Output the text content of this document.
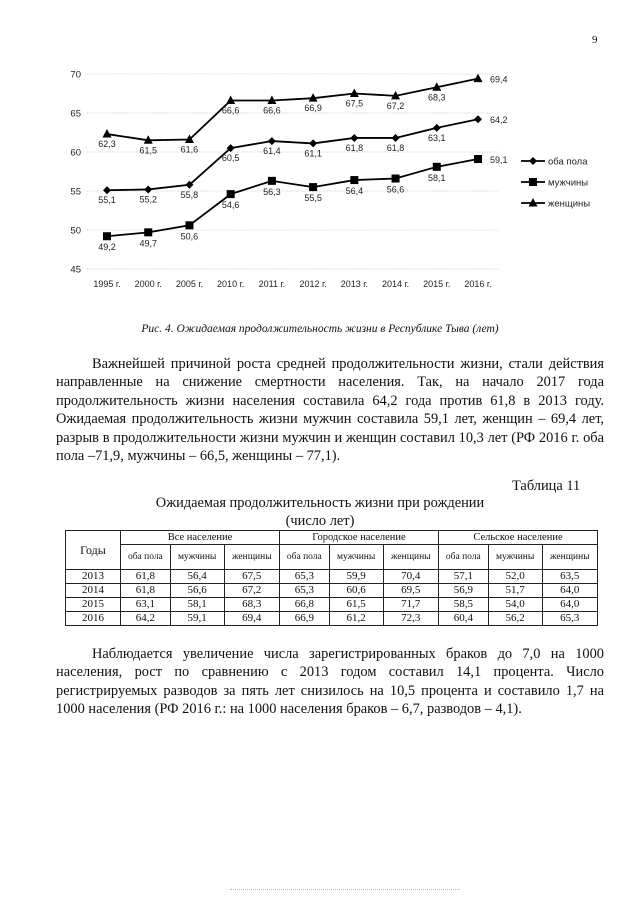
9
45
50
55
60
65
70
1995 г. 2000 г. 2005 г. 2010 г. 2011 г. 2012 г. 2013 г. 2014 г. 2015 г. 2016 г.
55,1	55,2	55,8
60,5
61,4	61,1
61,8	61,8
63,1
64,2
49,2	49,7
50,6
54,6
56,3
55,5
56,4	56,6
58,1
59,1
62,3
61,5	61,6
66,6	66,6	66,9	67,5	67,2
68,3
69,4
оба пола
мужчины
женщины
Рис. 4. Ожидаемая продолжительность жизни в Республике Тыва (лет)

Важнейшей причиной роста средней продолжительности жизни, стали действия направленные на снижение смертности населения. Так, на начало 2017 года продолжительность жизни населения составила 64,2 года против 61,8 в 2013 году. Ожидаемая продолжительность жизни мужчин составила 59,1 лет, женщин – 69,4 лет, разрыв в продолжительности жизни мужчин и женщин составил 10,3 лет (РФ 2016 г. оба пола –71,9, мужчины – 66,5, женщины – 77,1).

Таблица 11
Ожидаемая продолжительность жизни при рождении
(число лет)
Годы	Все население			Городское население			Сельское население		
	оба пола	мужчины	женщины	оба пола	мужчины	женщины	оба пола	мужчины	женщины
2013	61,8	56,4	67,5	65,3	59,9	70,4	57,1	52,0	63,5
2014	61,8	56,6	67,2	65,3	60,6	69,5	56,9	51,7	64,0
2015	63,1	58,1	68,3	66,8	61,5	71,7	58,5	54,0	64,0
2016	64,2	59,1	69,4	66,9	61,2	72,3	60,4	56,2	65,3

Наблюдается увеличение числа зарегистрированных браков до 7,0 на 1000 населения, рост по сравнению с 2013 годом составил 14,1 процента. Число регистрируемых разводов за пять лет снизилось на 10,5 процента и составило 1,7 на 1000 населения (РФ 2016 г.: на 1000 населения браков – 6,7, разводов – 4,1).
